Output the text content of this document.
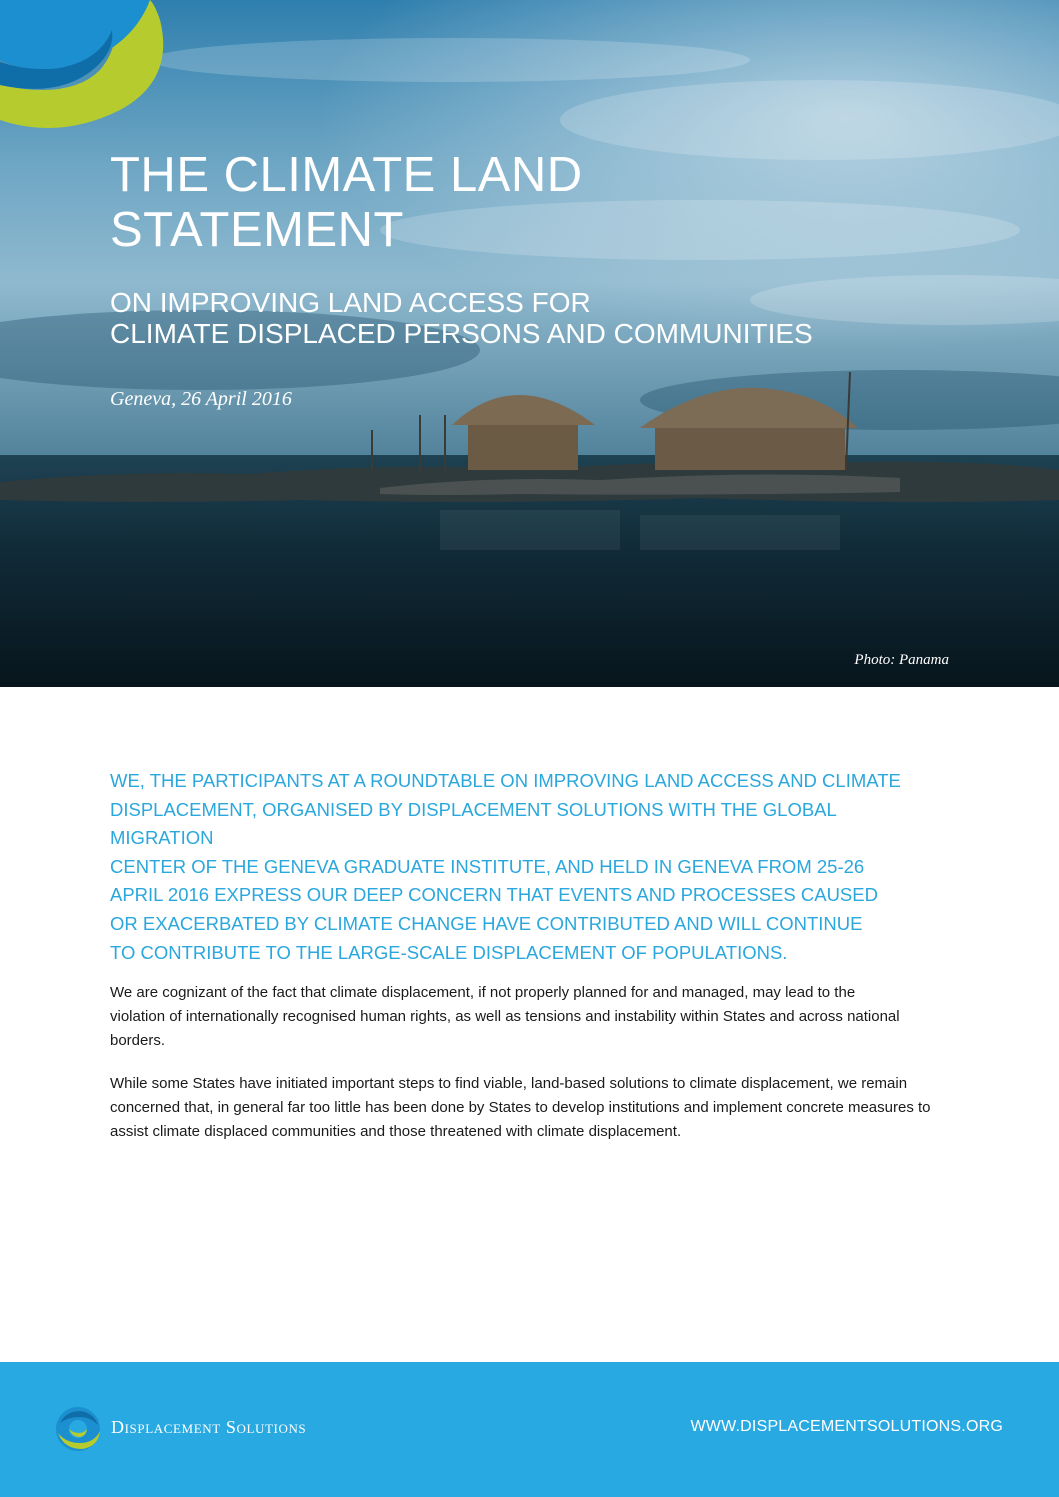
THE CLIMATE LAND STATEMENT
ON IMPROVING LAND ACCESS FOR
CLIMATE DISPLACED PERSONS AND COMMUNITIES
Geneva, 26 April 2016
Photo: Panama
WE, THE PARTICIPANTS AT A ROUNDTABLE ON IMPROVING LAND ACCESS AND CLIMATE
DISPLACEMENT, ORGANISED BY DISPLACEMENT SOLUTIONS WITH THE GLOBAL MIGRATION
CENTER OF THE GENEVA GRADUATE INSTITUTE, AND HELD IN GENEVA FROM 25-26
APRIL 2016 EXPRESS OUR DEEP CONCERN THAT EVENTS AND PROCESSES CAUSED
OR EXACERBATED BY CLIMATE CHANGE HAVE CONTRIBUTED AND WILL CONTINUE
TO CONTRIBUTE TO THE LARGE-SCALE DISPLACEMENT OF POPULATIONS.

We are cognizant of the fact that climate displacement, if not properly planned for and managed, may lead to the violation of internationally recognised human rights, as well as tensions and instability within States and across national borders.

While some States have initiated important steps to find viable, land-based solutions to climate displacement, we remain concerned that, in general far too little has been done by States to develop institutions and implement concrete measures to assist climate displaced communities and those threatened with climate displacement.

Displacement Solutions	WWW.DISPLACEMENTSOLUTIONS.ORG
